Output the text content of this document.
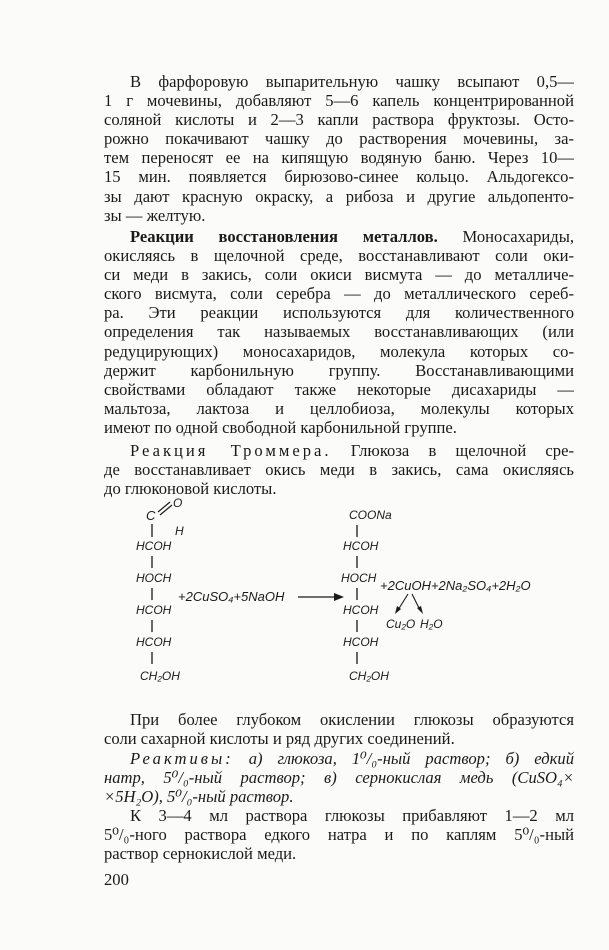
В фарфоровую выпарительную чашку всыпают 0,5—
1 г мочевины, добавляют 5—6 капель концентрированной
соляной кислоты и 2—3 капли раствора фруктозы. Осто-
рожно покачивают чашку до растворения мочевины, за-
тем переносят ее на кипящую водяную баню. Через 10—
15 мин. появляется бирюзово-синее кольцо. Альдогексо-
зы дают красную окраску, а рибоза и другие альдопенто-
зы — желтую.
Реакции восстановления металлов. Моносахариды,
окисляясь в щелочной среде, восстанавливают соли оки-
си меди в закись, соли окиси висмута — до металличе-
ского висмута, соли серебра — до металлического сереб-
ра. Эти реакции используются для количественного
определения так называемых восстанавливающих (или
редуцирующих) моносахаридов, молекула которых со-
держит карбонильную группу. Восстанавливающими
свойствами обладают также некоторые дисахариды —
мальтоза, лактоза и целлобиоза, молекулы которых
имеют по одной свободной карбонильной группе.
Реакция Троммера. Глюкоза в щелочной сре-
де восстанавливает окись меди в закись, сама окисляясь
до глюконовой кислоты.
C
O
H
HCOH
HOCH
HCOH
HCOH
CH₂OH
+2CuSO₄+5NaOH
COONa
HCOH
HOCH
HCOH
HCOH
CH₂OH
+2CuOH+2Na₂SO₄+2H₂O
Cu₂O H₂O
При более глубоком окислении глюкозы образуются
соли сахарной кислоты и ряд других соединений.
Реактивы: а) глюкоза, 1⁰/₀-ный раствор; б) едкий
натр, 5⁰/₀-ный раствор; в) сернокислая медь (CuSO₄×
×5H₂O), 5⁰/₀-ный раствор.
К 3—4 мл раствора глюкозы прибавляют 1—2 мл
5⁰/₀-ного раствора едкого натра и по каплям 5⁰/₀-ный
раствор сернокислой меди.
200
